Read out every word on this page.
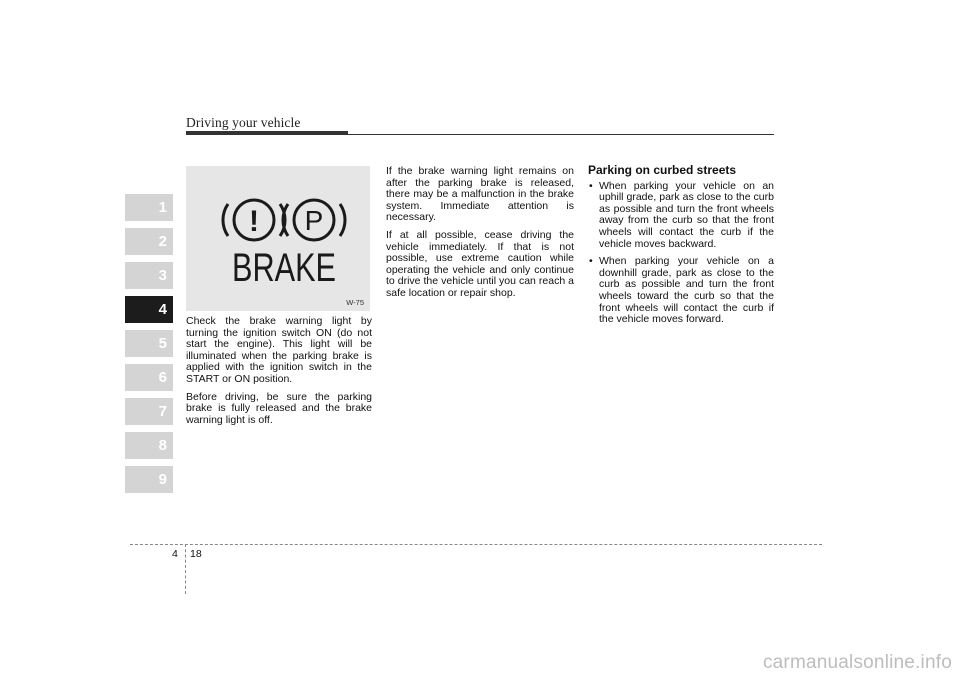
Driving your vehicle
1
2
3
4
5
6
7
8
9
! P
BRAKE
W-75

Check the brake warning light by turning the ignition switch ON (do not start the engine). This light will be illuminated when the parking brake is applied with the ignition switch in the START or ON position.

Before driving, be sure the parking brake is fully released and the brake warning light is off.

If the brake warning light remains on after the parking brake is released, there may be a malfunction in the brake system. Immediate attention is necessary.

If at all possible, cease driving the vehicle immediately. If that is not possible, use extreme caution while operating the vehicle and only continue to drive the vehicle until you can reach a safe location or repair shop.

Parking on curbed streets
• When parking your vehicle on an uphill grade, park as close to the curb as possible and turn the front wheels away from the curb so that the front wheels will contact the curb if the vehicle moves backward.
• When parking your vehicle on a downhill grade, park as close to the curb as possible and turn the front wheels toward the curb so that the front wheels will contact the curb if the vehicle moves forward.
4 18
carmanualsonline.info
